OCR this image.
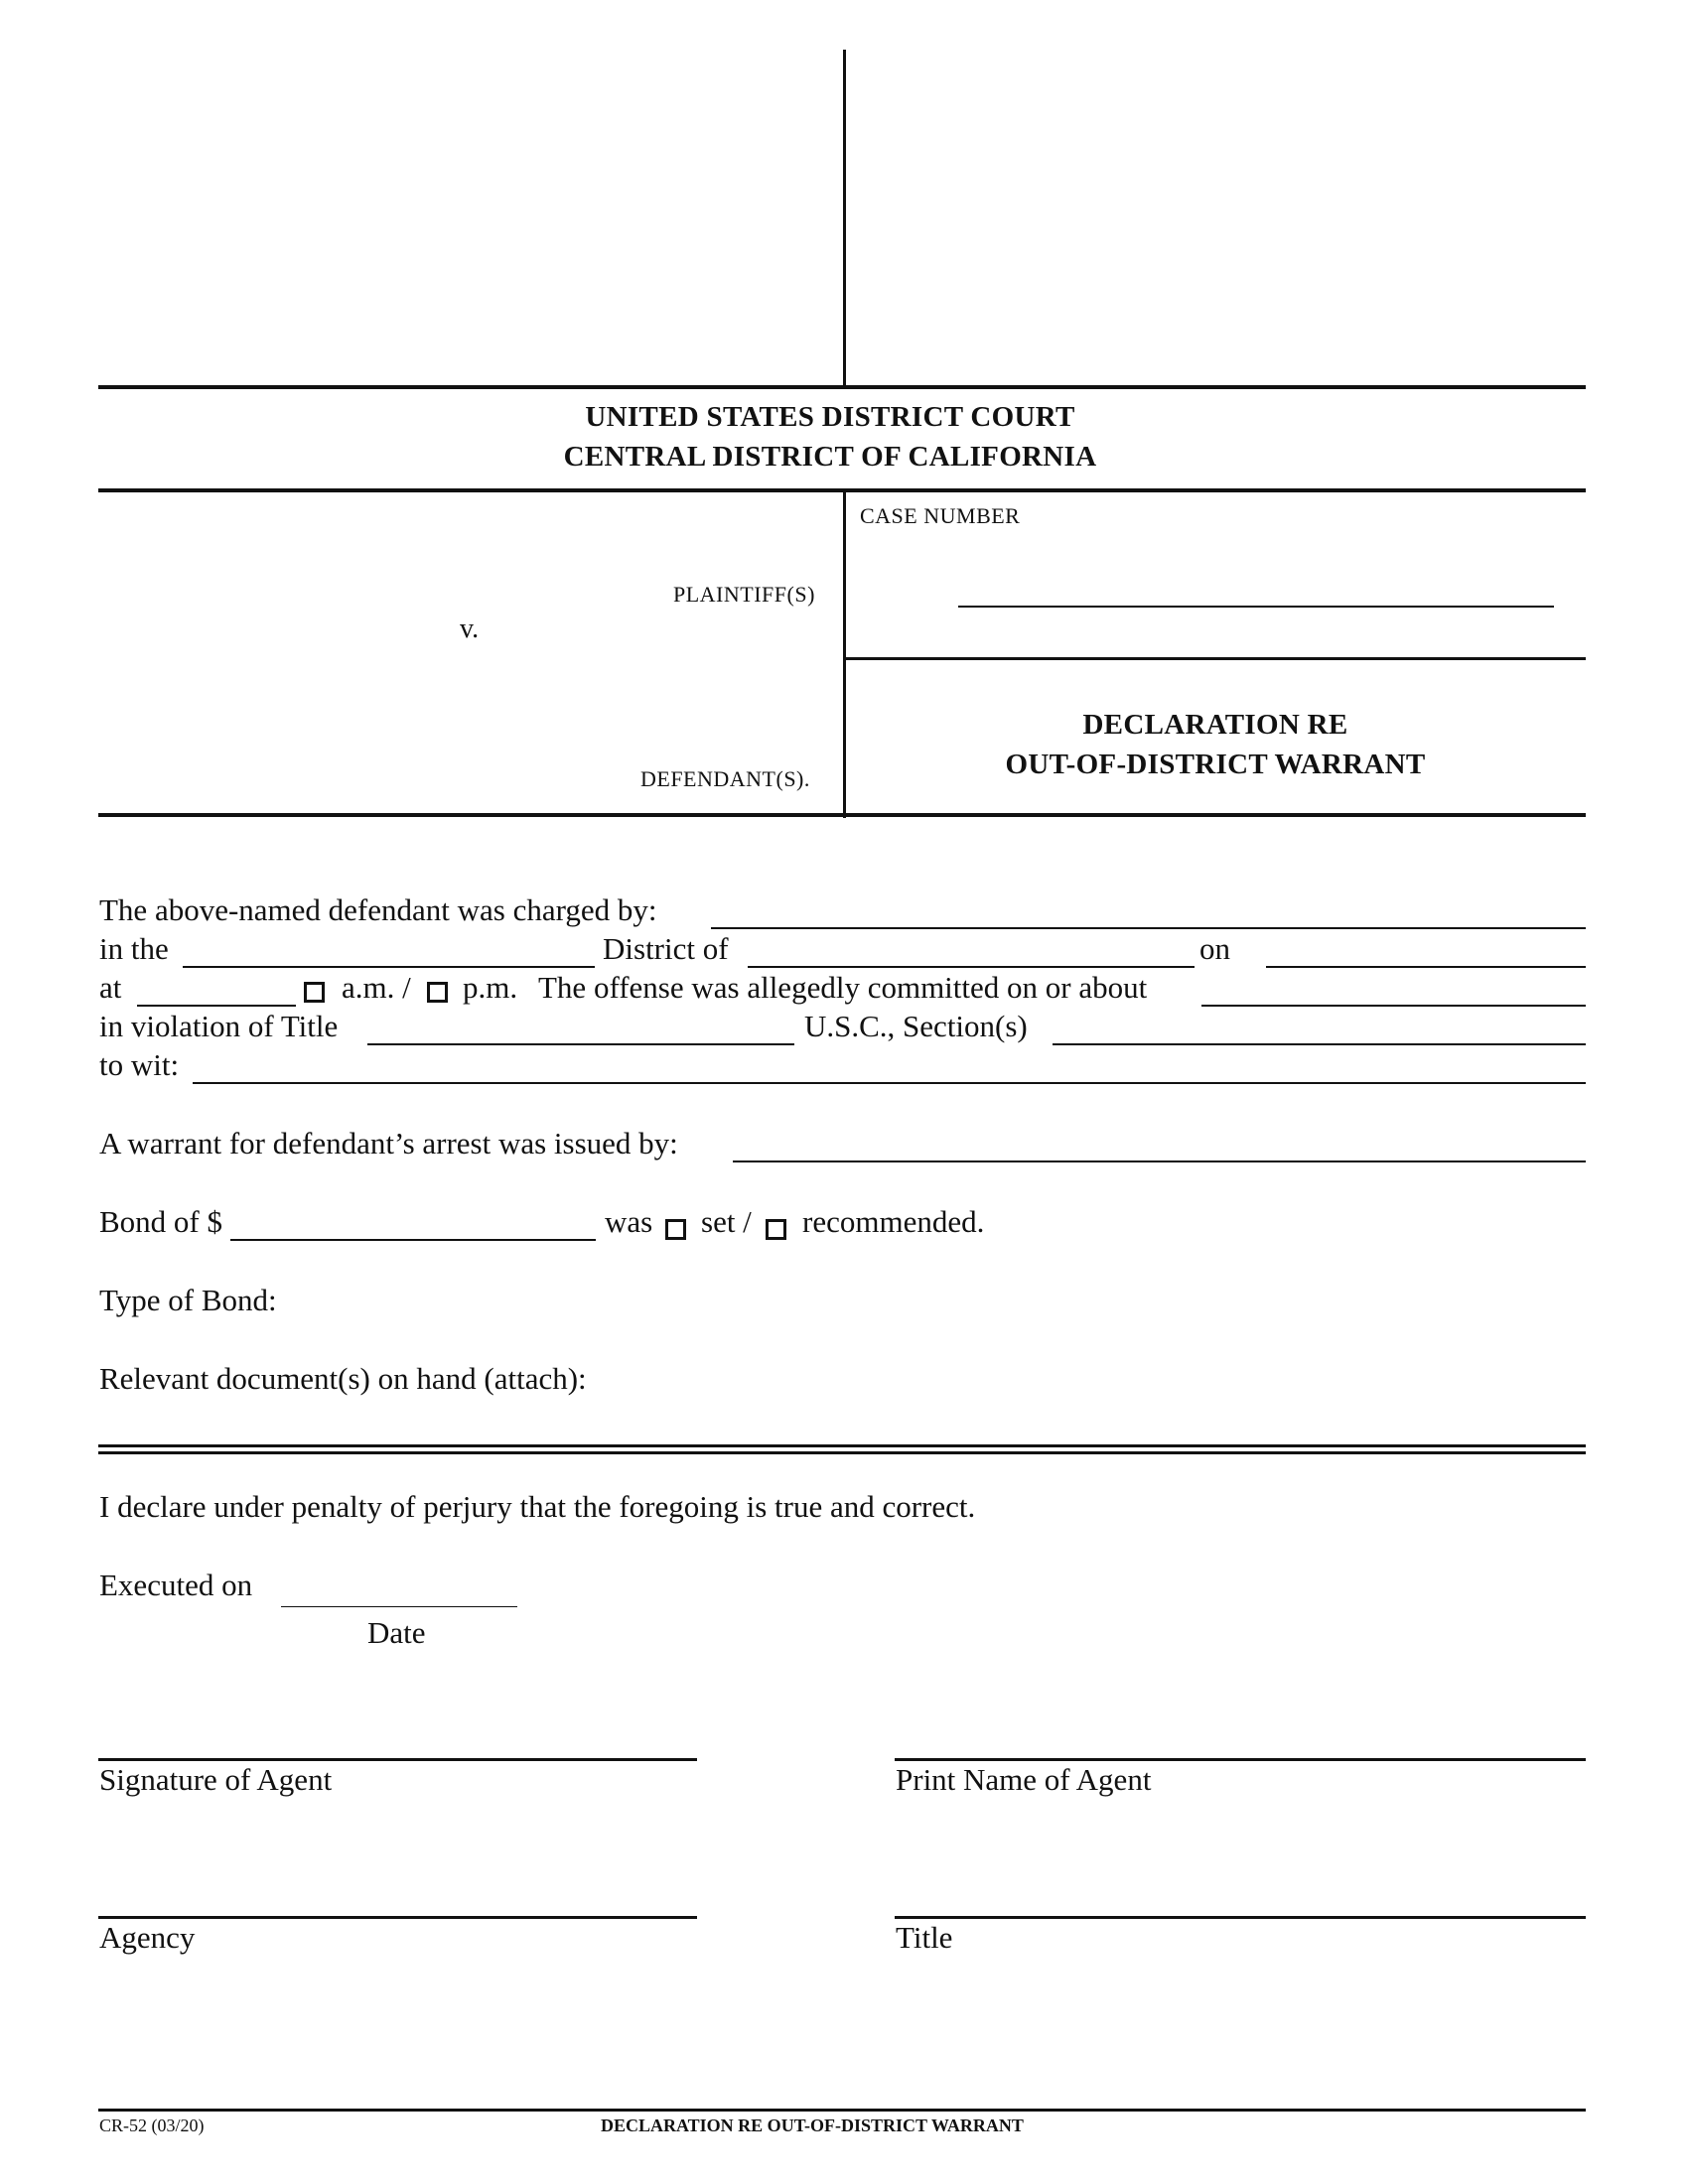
UNITED STATES DISTRICT COURT
CENTRAL DISTRICT OF CALIFORNIA
CASE NUMBER
PLAINTIFF(S)
v.
DEFENDANT(S).
DECLARATION RE
OUT-OF-DISTRICT WARRANT
The above-named defendant was charged by:
in the	District of	on
at	a.m. / p.m. The offense was allegedly committed on or about
in violation of Title	U.S.C., Section(s)
to wit:
A warrant for defendant’s arrest was issued by:
Bond of $	was set / recommended.
Type of Bond:
Relevant document(s) on hand (attach):
I declare under penalty of perjury that the foregoing is true and correct.
Executed on
Date
Signature of Agent	Print Name of Agent
Agency	Title
CR-52 (03/20)	DECLARATION RE OUT-OF-DISTRICT WARRANT
